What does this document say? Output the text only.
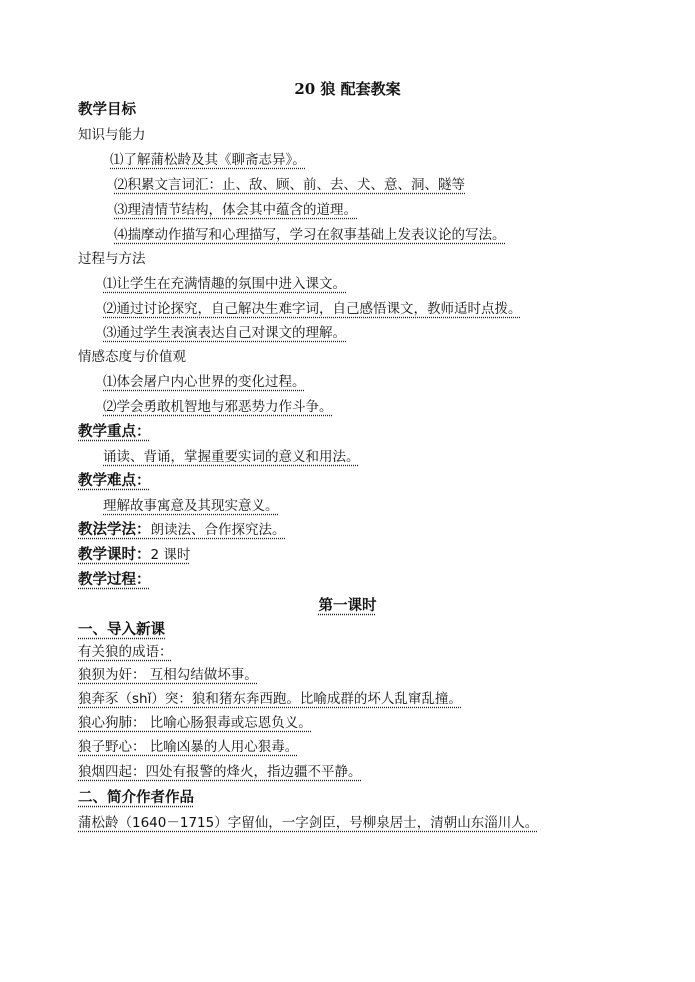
20 狼 配套教案
教学目标
知识与能力
⑴了解蒲松龄及其《聊斋志异》。
⑵积累文言词汇：止、敌、顾、前、去、犬、意、洞、隧等
⑶理清情节结构，体会其中蕴含的道理。
⑷揣摩动作描写和心理描写，学习在叙事基础上发表议论的写法。
过程与方法
⑴让学生在充满情趣的氛围中进入课文。
⑵通过讨论探究，自己解决生难字词，自己感悟课文，教师适时点拨。
⑶通过学生表演表达自己对课文的理解。
情感态度与价值观
⑴体会屠户内心世界的变化过程。
⑵学会勇敢机智地与邪恶势力作斗争。
教学重点：
诵读、背诵，掌握重要实词的意义和用法。
教学难点：
理解故事寓意及其现实意义。
教法学法：朗读法、合作探究法。
教学课时：2 课时
教学过程：
第一课时
一、导入新课
有关狼的成语：
狼狈为奸： 互相勾结做坏事。
狼奔豕（shǐ）突：狼和猪东奔西跑。比喻成群的坏人乱窜乱撞。
狼心狗肺： 比喻心肠狠毒或忘恩负义。
狼子野心： 比喻凶暴的人用心狠毒。
狼烟四起：四处有报警的烽火，指边疆不平静。
二、简介作者作品
蒲松龄（1640－1715）字留仙，一字剑臣，号柳泉居士，清朝山东淄川人。
